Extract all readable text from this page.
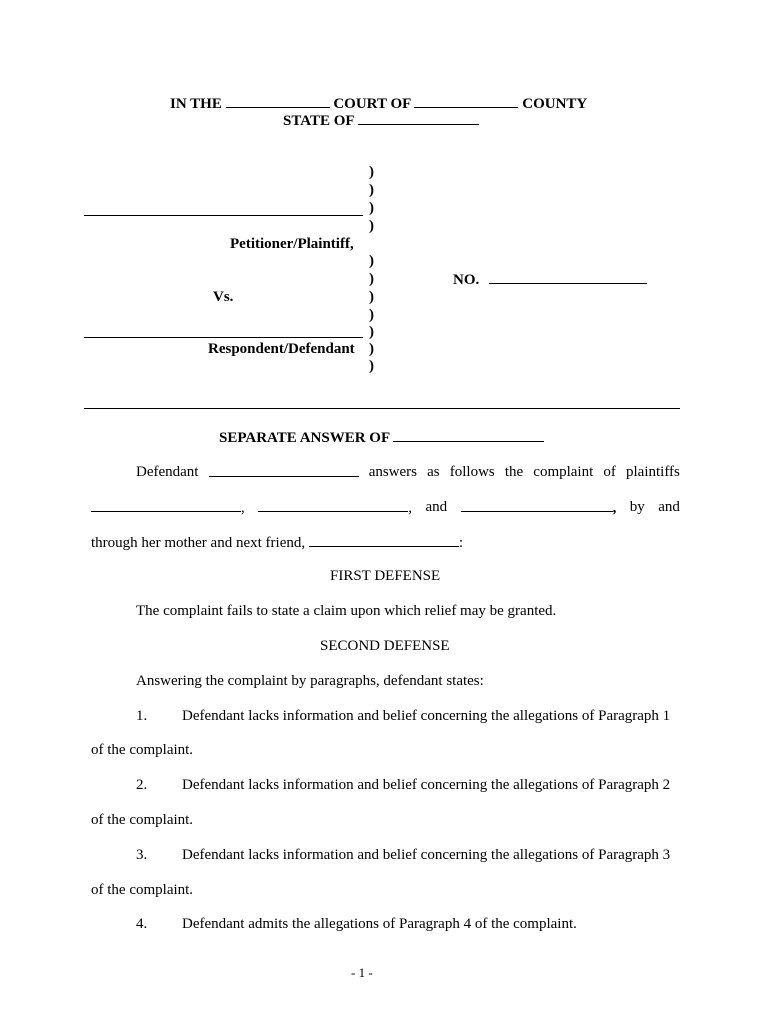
IN THE	COURT OF	COUNTY
STATE OF
)
)
)
)
)
)
)
)
)
)
)
Petitioner/Plaintiff,
Vs.
NO.
Respondent/Defendant
SEPARATE ANSWER OF
Defendant	answers as follows the complaint of plaintiffs
,	, and	, by and
through her mother and next friend,	:
FIRST DEFENSE
The complaint fails to state a claim upon which relief may be granted.
SECOND DEFENSE
Answering the complaint by paragraphs, defendant states:
1. Defendant lacks information and belief concerning the allegations of Paragraph 1
of the complaint.
2. Defendant lacks information and belief concerning the allegations of Paragraph 2
of the complaint.
3. Defendant lacks information and belief concerning the allegations of Paragraph 3
of the complaint.
4. Defendant admits the allegations of Paragraph 4 of the complaint.
- 1 -
